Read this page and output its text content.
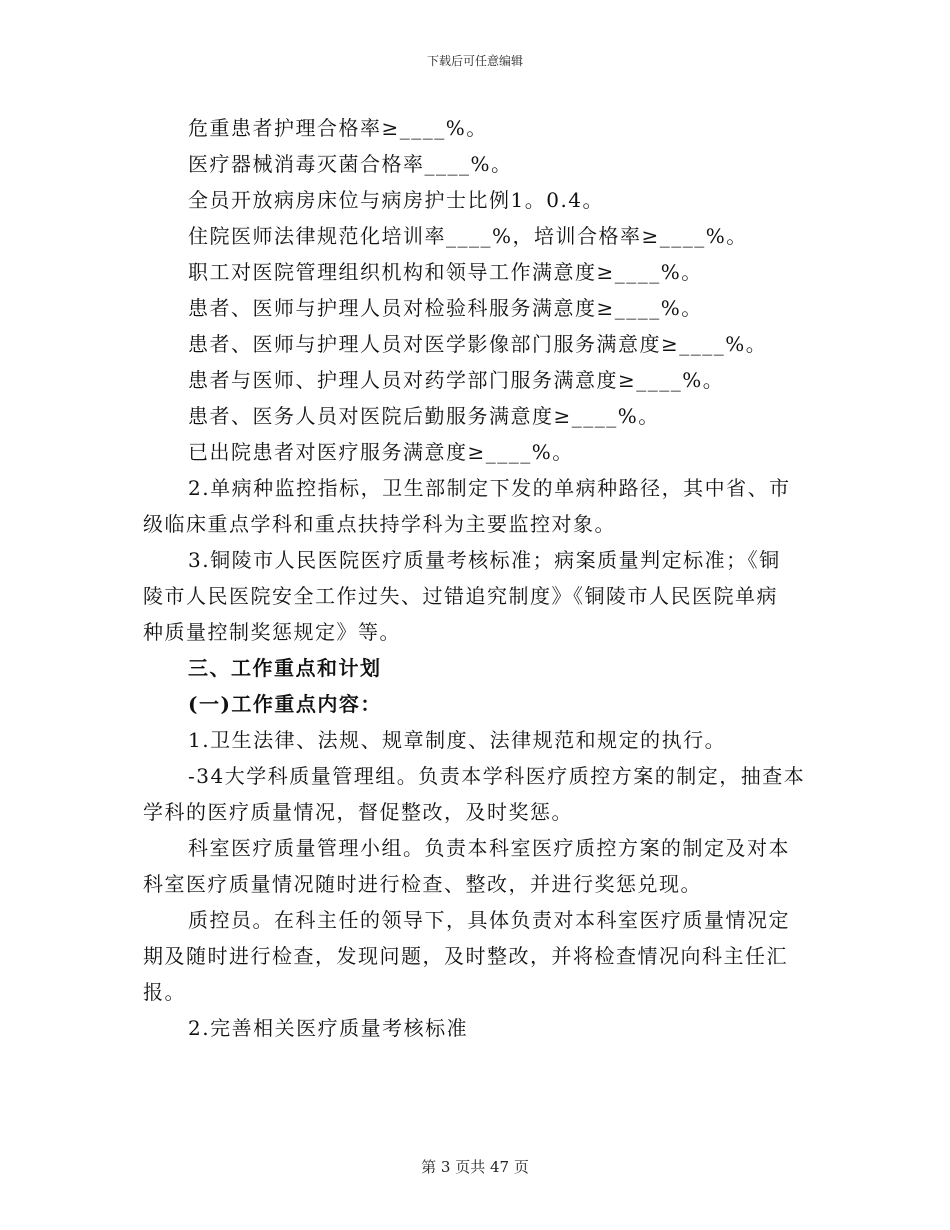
下载后可任意编辑
危重患者护理合格率≥____%。
医疗器械消毒灭菌合格率____%。
全员开放病房床位与病房护士比例1。0.4。
住院医师法律规范化培训率____%，培训合格率≥____%。
职工对医院管理组织机构和领导工作满意度≥____%。
患者、医师与护理人员对检验科服务满意度≥____%。
患者、医师与护理人员对医学影像部门服务满意度≥____%。
患者与医师、护理人员对药学部门服务满意度≥____%。
患者、医务人员对医院后勤服务满意度≥____%。
已出院患者对医疗服务满意度≥____%。
2.单病种监控指标，卫生部制定下发的单病种路径，其中省、市
级临床重点学科和重点扶持学科为主要监控对象。
3.铜陵市人民医院医疗质量考核标准；病案质量判定标准；《铜
陵市人民医院安全工作过失、过错追究制度》《铜陵市人民医院单病
种质量控制奖惩规定》等。
三、工作重点和计划
(一)工作重点内容：
1.卫生法律、法规、规章制度、法律规范和规定的执行。
-34大学科质量管理组。负责本学科医疗质控方案的制定，抽查本
学科的医疗质量情况，督促整改，及时奖惩。
科室医疗质量管理小组。负责本科室医疗质控方案的制定及对本
科室医疗质量情况随时进行检查、整改，并进行奖惩兑现。
质控员。在科主任的领导下，具体负责对本科室医疗质量情况定
期及随时进行检查，发现问题，及时整改，并将检查情况向科主任汇
报。
2.完善相关医疗质量考核标准
第 3 页共 47 页
